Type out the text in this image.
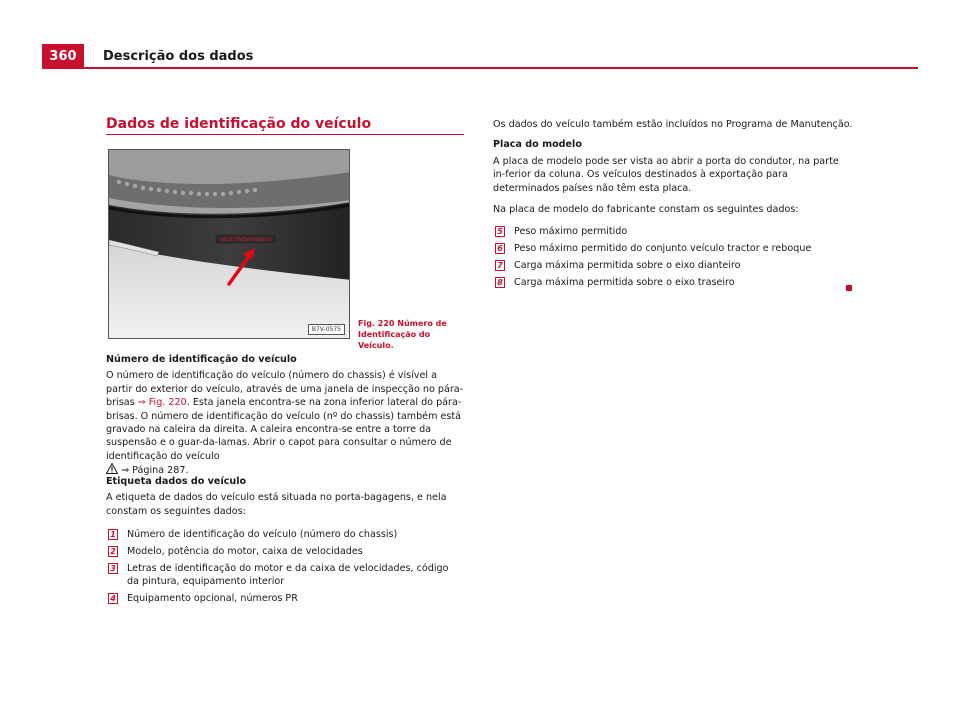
360	Descrição dos dados
Dados de identificação do veículo
VWZZZ7NZ9GV000000
B7V-0575
Fig. 220 Número de Identificação do Veículo.
Número de identificação do veículo
O número de identificação do veículo (número do chassis) é visível a partir do exterior do veículo, através de uma janela de inspecção no pára-brisas ⇒ Fig. 220. Esta janela encontra-se na zona inferior lateral do pára-brisas. O número de identificação do veículo (nº do chassis) também está gravado na caleira da direita. A caleira encontra-se entre a torre da suspensão e o guar-da-lamas. Abrir o capot para consultar o número de identificação do veículo
⇒ Página 287.
Etiqueta dados do veículo
A etiqueta de dados do veículo está situada no porta-bagagens, e nela constam os seguintes dados:
1 Número de identificação do veículo (número do chassis)
2 Modelo, potência do motor, caixa de velocidades
3 Letras de identificação do motor e da caixa de velocidades, código da pintura, equipamento interior
4 Equipamento opcional, números PR
Os dados do veículo também estão incluídos no Programa de Manutenção.
Placa do modelo
A placa de modelo pode ser vista ao abrir a porta do condutor, na parte in-ferior da coluna. Os veículos destinados à exportação para determinados países não têm esta placa.
Na placa de modelo do fabricante constam os seguintes dados:
5 Peso máximo permitido
6 Peso máximo permitido do conjunto veículo tractor e reboque
7 Carga máxima permitida sobre o eixo dianteiro
8 Carga máxima permitida sobre o eixo traseiro
